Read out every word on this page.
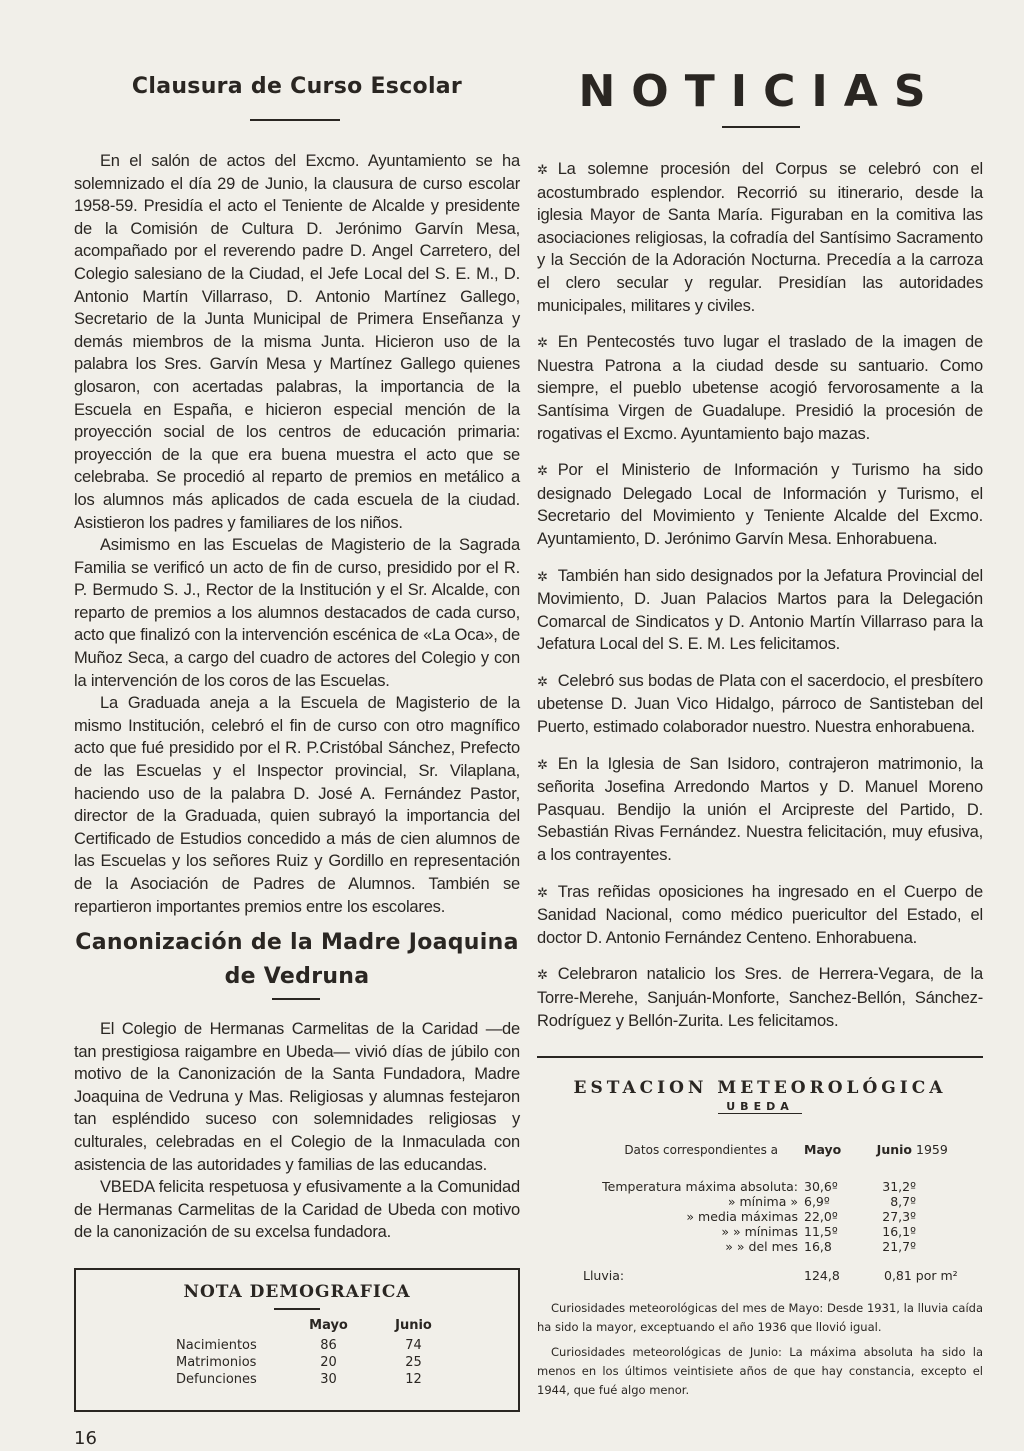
Clausura de Curso Escolar

En el salón de actos del Excmo. Ayuntamiento se ha solemnizado el día 29 de Junio, la clausura de curso escolar 1958-59. Presidía el acto el Teniente de Alcalde y presidente de la Comisión de Cultura D. Jerónimo Garvín Mesa, acompañado por el reverendo padre D. Angel Carretero, del Colegio salesiano de la Ciudad, el Jefe Local del S. E. M., D. Antonio Martín Villarraso, D. Antonio Martínez Gallego, Secretario de la Junta Municipal de Primera Enseñanza y demás miembros de la misma Junta. Hicieron uso de la palabra los Sres. Garvín Mesa y Martínez Gallego quienes glosaron, con acertadas palabras, la importancia de la Escuela en España, e hicieron especial mención de la proyección social de los centros de educación primaria: proyección de la que era buena muestra el acto que se celebraba. Se procedió al reparto de premios en metálico a los alumnos más aplicados de cada escuela de la ciudad. Asistieron los padres y familiares de los niños.

Asimismo en las Escuelas de Magisterio de la Sagrada Familia se verificó un acto de fin de curso, presidido por el R. P. Bermudo S. J., Rector de la Institución y el Sr. Alcalde, con reparto de premios a los alumnos destacados de cada curso, acto que finalizó con la intervención escénica de «La Oca», de Muñoz Seca, a cargo del cuadro de actores del Colegio y con la intervención de los coros de las Escuelas.

La Graduada aneja a la Escuela de Magisterio de la mismo Institución, celebró el fin de curso con otro magnífico acto que fué presidido por el R. P.Cristóbal Sánchez, Prefecto de las Escuelas y el Inspector provincial, Sr. Vilaplana, haciendo uso de la palabra D. José A. Fernández Pastor, director de la Graduada, quien subrayó la importancia del Certificado de Estudios concedido a más de cien alumnos de las Escuelas y los señores Ruiz y Gordillo en representación de la Asociación de Padres de Alumnos. También se repartieron importantes premios entre los escolares.

Canonización de la Madre Joaquina de Vedruna

El Colegio de Hermanas Carmelitas de la Caridad —de tan prestigiosa raigambre en Ubeda— vivió días de júbilo con motivo de la Canonización de la Santa Fundadora, Madre Joaquina de Vedruna y Mas. Religiosas y alumnas festejaron tan espléndido suceso con solemnidades religiosas y culturales, celebradas en el Colegio de la Inmaculada con asistencia de las autoridades y familias de las educandas.

VBEDA felicita respetuosa y efusivamente a la Comunidad de Hermanas Carmelitas de la Caridad de Ubeda con motivo de la canonización de su excelsa fundadora.

NOTA DEMOGRAFICA
	Mayo	Junio
Nacimientos	86	74
Matrimonios	20	25
Defunciones	30	12
NOTICIAS

✲ La solemne procesión del Corpus se celebró con el acostumbrado esplendor. Recorrió su itinerario, desde la iglesia Mayor de Santa María. Figuraban en la comitiva las asociaciones religiosas, la cofradía del Santísimo Sacramento y la Sección de la Adoración Nocturna. Precedía a la carroza el clero secular y regular. Presidían las autoridades municipales, militares y civiles.

✲ En Pentecostés tuvo lugar el traslado de la imagen de Nuestra Patrona a la ciudad desde su santuario. Como siempre, el pueblo ubetense acogió fervorosamente a la Santísima Virgen de Guadalupe. Presidió la procesión de rogativas el Excmo. Ayuntamiento bajo mazas.

✲ Por el Ministerio de Información y Turismo ha sido designado Delegado Local de Información y Turismo, el Secretario del Movimiento y Teniente Alcalde del Excmo. Ayuntamiento, D. Jerónimo Garvín Mesa. Enhorabuena.

✲ También han sido designados por la Jefatura Provincial del Movimiento, D. Juan Palacios Martos para la Delegación Comarcal de Sindicatos y D. Antonio Martín Villarraso para la Jefatura Local del S. E. M. Les felicitamos.

✲ Celebró sus bodas de Plata con el sacerdocio, el presbítero ubetense D. Juan Vico Hidalgo, párroco de Santisteban del Puerto, estimado colaborador nuestro. Nuestra enhorabuena.

✲ En la Iglesia de San Isidoro, contrajeron matrimonio, la señorita Josefina Arredondo Martos y D. Manuel Moreno Pasquau. Bendijo la unión el Arcipreste del Partido, D. Sebastián Rivas Fernández. Nuestra felicitación, muy efusiva, a los contrayentes.

✲ Tras reñidas oposiciones ha ingresado en el Cuerpo de Sanidad Nacional, como médico puericultor del Estado, el doctor D. Antonio Fernández Centeno. Enhorabuena.

✲ Celebraron natalicio los Sres. de Herrera-Vegara, de la Torre-Merehe, Sanjuán-Monforte, Sanchez-Bellón, Sánchez-Rodríguez y Bellón-Zurita. Les felicitamos.

ESTACION METEOROLÓGICA
UBEDA
Datos correspondientes a	Mayo	Junio	1959

Temperatura máxima absoluta:	30,6º	31,2º	
» mínima »	6,9º	8,7º	
» media máximas	22,0º	27,3º	
» » mínimas	11,5º	16,1º	
» » del mes	16,8	21,7º	

Lluvia:	124,8	0,81 por m²	

Curiosidades meteorológicas del mes de Mayo: Desde 1931, la lluvia caída ha sido la mayor, exceptuando el año 1936 que llovió igual.

Curiosidades meteorológicas de Junio: La máxima absoluta ha sido la menos en los últimos veintisiete años de que hay constancia, excepto el 1944, que fué algo menor.

16
